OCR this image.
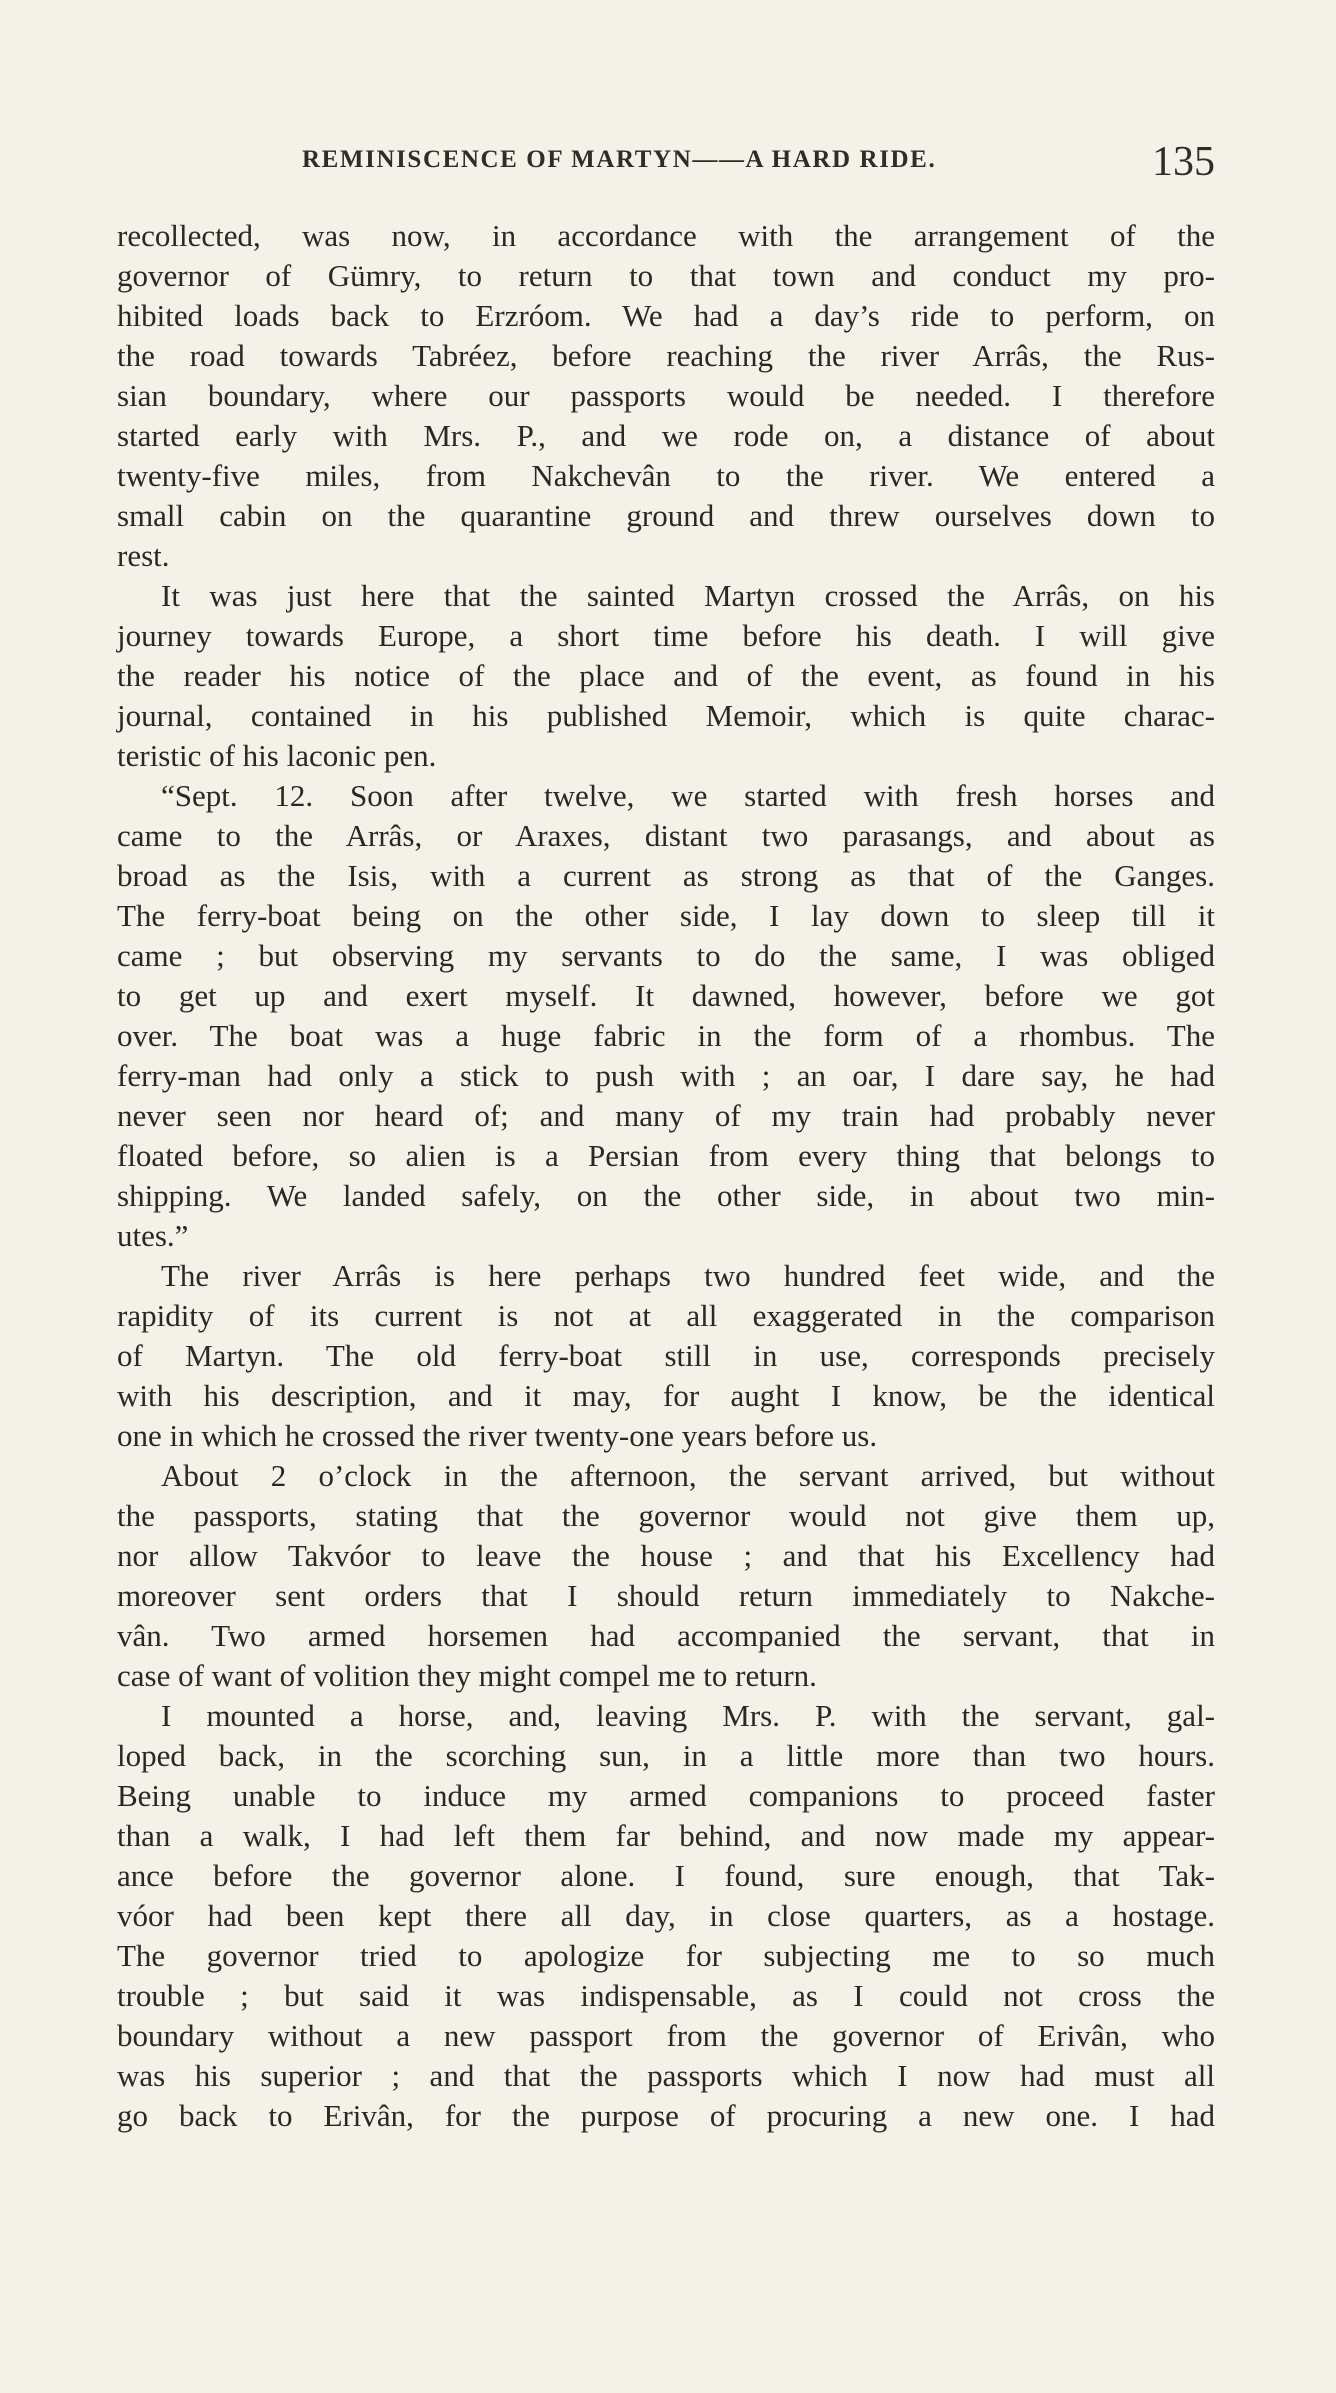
REMINISCENCE OF MARTYN——A HARD RIDE.	135

recollected, was now, in accordance with the arrangement of the

governor of Gümry, to return to that town and conduct my pro-

hibited loads back to Erzróom. We had a day’s ride to perform, on

the road towards Tabréez, before reaching the river Arrâs, the Rus-

sian boundary, where our passports would be needed. I therefore

started early with Mrs. P., and we rode on, a distance of about

twenty-five miles, from Nakchevân to the river. We entered a

small cabin on the quarantine ground and threw ourselves down to

rest.

It was just here that the sainted Martyn crossed the Arrâs, on his

journey towards Europe, a short time before his death. I will give

the reader his notice of the place and of the event, as found in his

journal, contained in his published Memoir, which is quite charac-

teristic of his laconic pen.

“Sept. 12. Soon after twelve, we started with fresh horses and

came to the Arrâs, or Araxes, distant two parasangs, and about as

broad as the Isis, with a current as strong as that of the Ganges.

The ferry-boat being on the other side, I lay down to sleep till it

came ; but observing my servants to do the same, I was obliged

to get up and exert myself. It dawned, however, before we got

over. The boat was a huge fabric in the form of a rhombus. The

ferry-man had only a stick to push with ; an oar, I dare say, he had

never seen nor heard of; and many of my train had probably never

floated before, so alien is a Persian from every thing that belongs to

shipping. We landed safely, on the other side, in about two min-

utes.”

The river Arrâs is here perhaps two hundred feet wide, and the

rapidity of its current is not at all exaggerated in the comparison

of Martyn. The old ferry-boat still in use, corresponds precisely

with his description, and it may, for aught I know, be the identical

one in which he crossed the river twenty-one years before us.

About 2 o’clock in the afternoon, the servant arrived, but without

the passports, stating that the governor would not give them up,

nor allow Takvóor to leave the house ; and that his Excellency had

moreover sent orders that I should return immediately to Nakche-

vân. Two armed horsemen had accompanied the servant, that in

case of want of volition they might compel me to return.

I mounted a horse, and, leaving Mrs. P. with the servant, gal-

loped back, in the scorching sun, in a little more than two hours.

Being unable to induce my armed companions to proceed faster

than a walk, I had left them far behind, and now made my appear-

ance before the governor alone. I found, sure enough, that Tak-

vóor had been kept there all day, in close quarters, as a hostage.

The governor tried to apologize for subjecting me to so much

trouble ; but said it was indispensable, as I could not cross the

boundary without a new passport from the governor of Erivân, who

was his superior ; and that the passports which I now had must all

go back to Erivân, for the purpose of procuring a new one. I had
